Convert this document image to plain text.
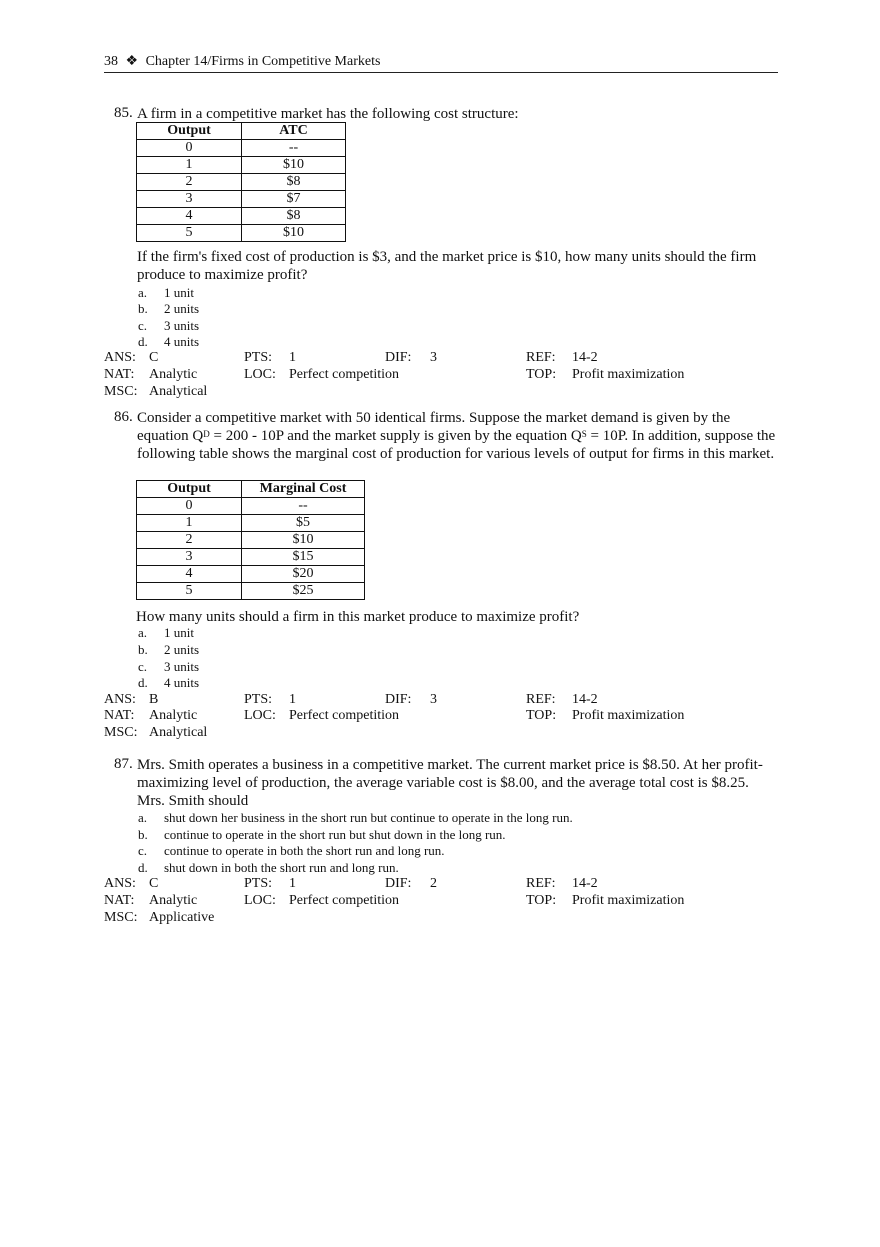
38 ❖ Chapter 14/Firms in Competitive Markets
85. A firm in a competitive market has the following cost structure:
Output	ATC
0	--
1	$10
2	$8
3	$7
4	$8
5	$10
If the firm's fixed cost of production is $3, and the market price is $10, how many units should the firm produce to maximize profit?
a. 1 unit
b. 2 units
c. 3 units
d. 4 units
ANS: C	PTS: 1	DIF: 3	REF: 14-2
NAT: Analytic	LOC: Perfect competition	TOP: Profit maximization
MSC: Analytical
86. Consider a competitive market with 50 identical firms. Suppose the market demand is given by the equation $Q^D = 200 - 10P$ and the market supply is given by the equation $Q^S = 10P$. In addition, suppose the following table shows the marginal cost of production for various levels of output for firms in this market.
Output	Marginal Cost
0	--
1	$5
2	$10
3	$15
4	$20
5	$25
How many units should a firm in this market produce to maximize profit?
a. 1 unit
b. 2 units
c. 3 units
d. 4 units
ANS: B	PTS: 1	DIF: 3	REF: 14-2
NAT: Analytic	LOC: Perfect competition	TOP: Profit maximization
MSC: Analytical
87. Mrs. Smith operates a business in a competitive market. The current market price is $8.50. At her profit-maximizing level of production, the average variable cost is $8.00, and the average total cost is $8.25. Mrs. Smith should
a. shut down her business in the short run but continue to operate in the long run.
b. continue to operate in the short run but shut down in the long run.
c. continue to operate in both the short run and long run.
d. shut down in both the short run and long run.
ANS: C	PTS: 1	DIF: 2	REF: 14-2
NAT: Analytic	LOC: Perfect competition	TOP: Profit maximization
MSC: Applicative
